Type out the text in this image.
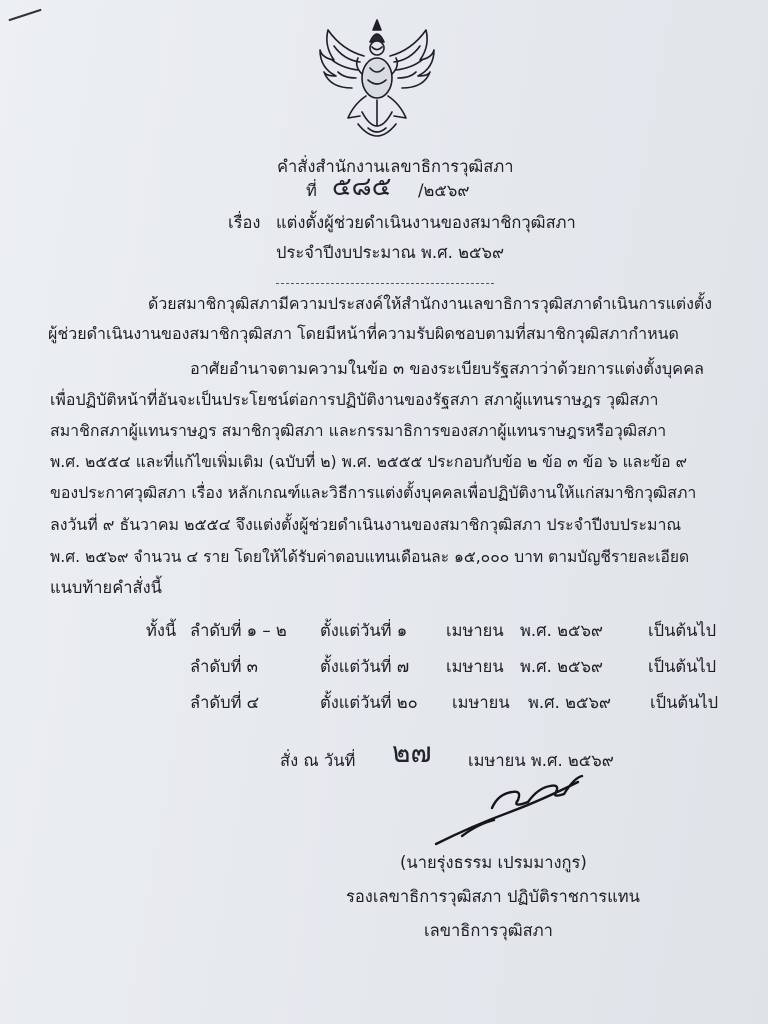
คำสั่งสำนักงานเลขาธิการวุฒิสภา
ที่ ๕๘๕ /๒๕๖๙
เรื่อง แต่งตั้งผู้ช่วยดำเนินงานของสมาชิกวุฒิสภา
ประจำปีงบประมาณ พ.ศ. ๒๕๖๙
ด้วยสมาชิกวุฒิสภามีความประสงค์ให้สำนักงานเลขาธิการวุฒิสภาดำเนินการแต่งตั้ง
ผู้ช่วยดำเนินงานของสมาชิกวุฒิสภา โดยมีหน้าที่ความรับผิดชอบตามที่สมาชิกวุฒิสภากำหนด
อาศัยอำนาจตามความในข้อ ๓ ของระเบียบรัฐสภาว่าด้วยการแต่งตั้งบุคคล
เพื่อปฏิบัติหน้าที่อันจะเป็นประโยชน์ต่อการปฏิบัติงานของรัฐสภา สภาผู้แทนราษฎร วุฒิสภา
สมาชิกสภาผู้แทนราษฎร สมาชิกวุฒิสภา และกรรมาธิการของสภาผู้แทนราษฎรหรือวุฒิสภา
พ.ศ. ๒๕๕๔ และที่แก้ไขเพิ่มเติม (ฉบับที่ ๒) พ.ศ. ๒๕๕๕ ประกอบกับข้อ ๒ ข้อ ๓ ข้อ ๖ และข้อ ๙
ของประกาศวุฒิสภา เรื่อง หลักเกณฑ์และวิธีการแต่งตั้งบุคคลเพื่อปฏิบัติงานให้แก่สมาชิกวุฒิสภา
ลงวันที่ ๙ ธันวาคม ๒๕๕๔ จึงแต่งตั้งผู้ช่วยดำเนินงานของสมาชิกวุฒิสภา ประจำปีงบประมาณ
พ.ศ. ๒๕๖๙ จำนวน ๔ ราย โดยให้ได้รับค่าตอบแทนเดือนละ ๑๕,๐๐๐ บาท ตามบัญชีรายละเอียด
แนบท้ายคำสั่งนี้
ทั้งนี้ ลำดับที่ ๑ – ๒ ตั้งแต่วันที่ ๑ เมษายน พ.ศ. ๒๕๖๙	เป็นต้นไป
ลำดับที่ ๓	ตั้งแต่วันที่ ๗ เมษายน พ.ศ. ๒๕๖๙	เป็นต้นไป
ลำดับที่ ๔	ตั้งแต่วันที่ ๒๐ เมษายน พ.ศ. ๒๕๖๙ เป็นต้นไป
สั่ง ณ วันที่ ๒๗ เมษายน พ.ศ. ๒๕๖๙
(นายรุ่งธรรม เปรมมางกูร)
รองเลขาธิการวุฒิสภา ปฏิบัติราชการแทน
เลขาธิการวุฒิสภา
